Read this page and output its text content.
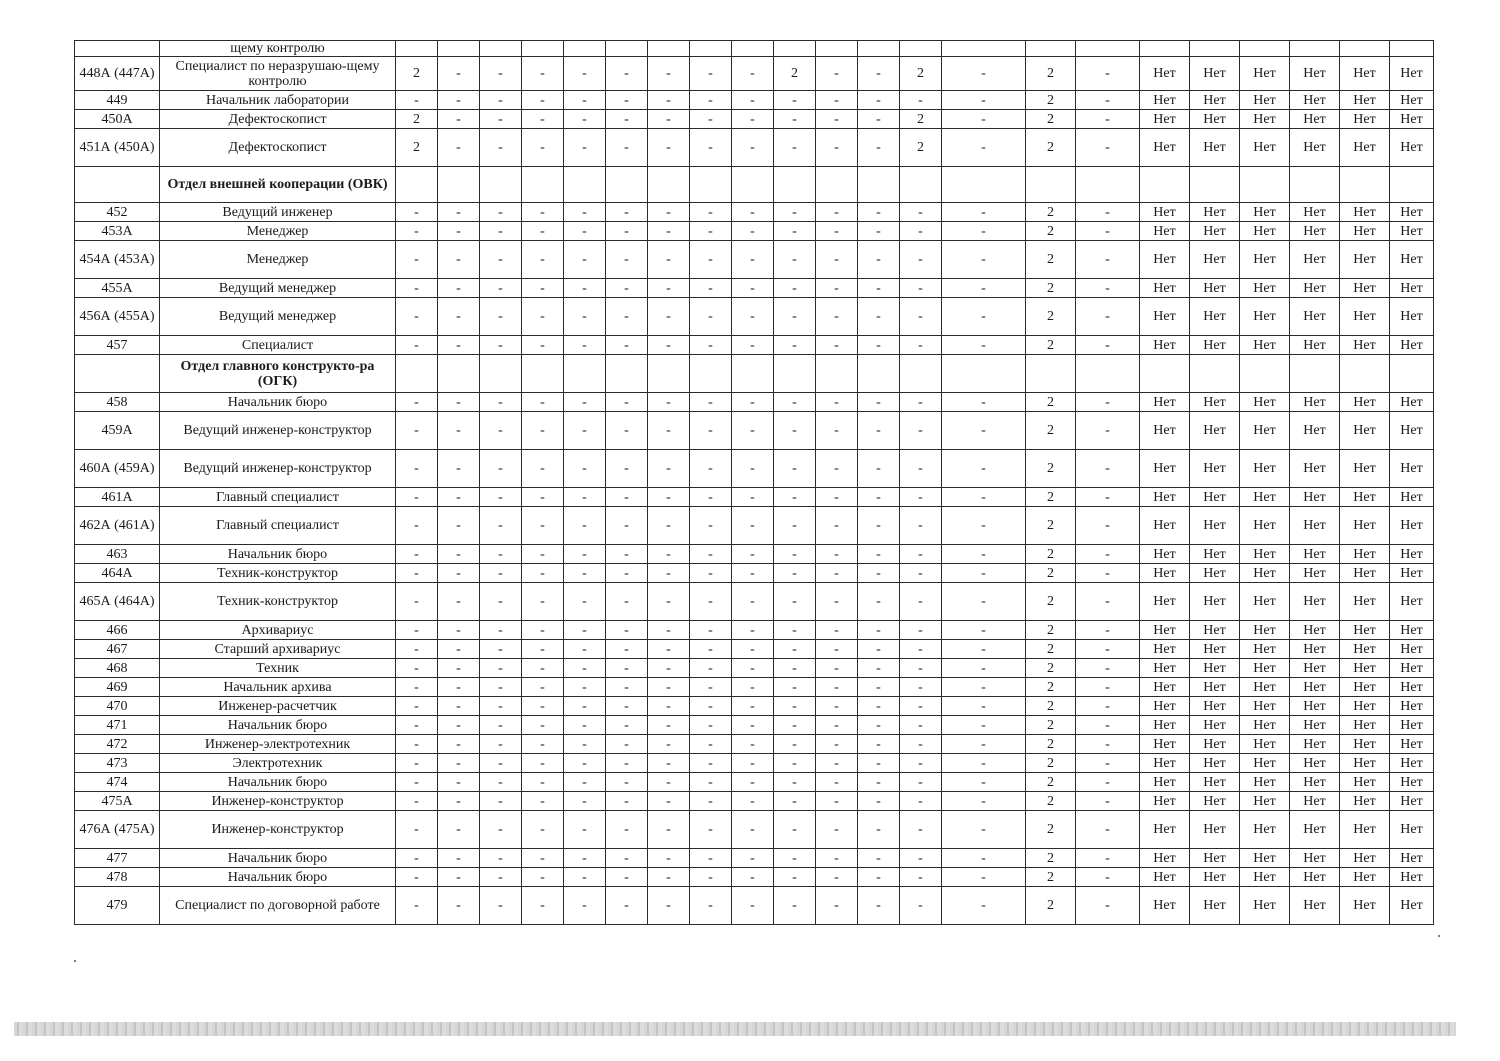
	щему контролю																						
448А (447А)	Специалист по неразрушаю-щему контролю	2	-	-	-	-	-	-	-	-	2	-	-	2	-	2	-	Нет	Нет	Нет	Нет	Нет	Нет
449	Начальник лаборатории	-	-	-	-	-	-	-	-	-	-	-	-	-	-	2	-	Нет	Нет	Нет	Нет	Нет	Нет
450А	Дефектоскопист	2	-	-	-	-	-	-	-	-	-	-	-	2	-	2	-	Нет	Нет	Нет	Нет	Нет	Нет
451А (450А)	Дефектоскопист	2	-	-	-	-	-	-	-	-	-	-	-	2	-	2	-	Нет	Нет	Нет	Нет	Нет	Нет
	Отдел внешней кооперации (ОВК)																						
452	Ведущий инженер	-	-	-	-	-	-	-	-	-	-	-	-	-	-	2	-	Нет	Нет	Нет	Нет	Нет	Нет
453А	Менеджер	-	-	-	-	-	-	-	-	-	-	-	-	-	-	2	-	Нет	Нет	Нет	Нет	Нет	Нет
454А (453А)	Менеджер	-	-	-	-	-	-	-	-	-	-	-	-	-	-	2	-	Нет	Нет	Нет	Нет	Нет	Нет
455А	Ведущий менеджер	-	-	-	-	-	-	-	-	-	-	-	-	-	-	2	-	Нет	Нет	Нет	Нет	Нет	Нет
456А (455А)	Ведущий менеджер	-	-	-	-	-	-	-	-	-	-	-	-	-	-	2	-	Нет	Нет	Нет	Нет	Нет	Нет
457	Специалист	-	-	-	-	-	-	-	-	-	-	-	-	-	-	2	-	Нет	Нет	Нет	Нет	Нет	Нет
	Отдел главного конструкто-ра (ОГК)																						
458	Начальник бюро	-	-	-	-	-	-	-	-	-	-	-	-	-	-	2	-	Нет	Нет	Нет	Нет	Нет	Нет
459А	Ведущий инженер-конструктор	-	-	-	-	-	-	-	-	-	-	-	-	-	-	2	-	Нет	Нет	Нет	Нет	Нет	Нет
460А (459А)	Ведущий инженер-конструктор	-	-	-	-	-	-	-	-	-	-	-	-	-	-	2	-	Нет	Нет	Нет	Нет	Нет	Нет
461А	Главный специалист	-	-	-	-	-	-	-	-	-	-	-	-	-	-	2	-	Нет	Нет	Нет	Нет	Нет	Нет
462А (461А)	Главный специалист	-	-	-	-	-	-	-	-	-	-	-	-	-	-	2	-	Нет	Нет	Нет	Нет	Нет	Нет
463	Начальник бюро	-	-	-	-	-	-	-	-	-	-	-	-	-	-	2	-	Нет	Нет	Нет	Нет	Нет	Нет
464А	Техник-конструктор	-	-	-	-	-	-	-	-	-	-	-	-	-	-	2	-	Нет	Нет	Нет	Нет	Нет	Нет
465А (464А)	Техник-конструктор	-	-	-	-	-	-	-	-	-	-	-	-	-	-	2	-	Нет	Нет	Нет	Нет	Нет	Нет
466	Архивариус	-	-	-	-	-	-	-	-	-	-	-	-	-	-	2	-	Нет	Нет	Нет	Нет	Нет	Нет
467	Старший архивариус	-	-	-	-	-	-	-	-	-	-	-	-	-	-	2	-	Нет	Нет	Нет	Нет	Нет	Нет
468	Техник	-	-	-	-	-	-	-	-	-	-	-	-	-	-	2	-	Нет	Нет	Нет	Нет	Нет	Нет
469	Начальник архива	-	-	-	-	-	-	-	-	-	-	-	-	-	-	2	-	Нет	Нет	Нет	Нет	Нет	Нет
470	Инженер-расчетчик	-	-	-	-	-	-	-	-	-	-	-	-	-	-	2	-	Нет	Нет	Нет	Нет	Нет	Нет
471	Начальник бюро	-	-	-	-	-	-	-	-	-	-	-	-	-	-	2	-	Нет	Нет	Нет	Нет	Нет	Нет
472	Инженер-электротехник	-	-	-	-	-	-	-	-	-	-	-	-	-	-	2	-	Нет	Нет	Нет	Нет	Нет	Нет
473	Электротехник	-	-	-	-	-	-	-	-	-	-	-	-	-	-	2	-	Нет	Нет	Нет	Нет	Нет	Нет
474	Начальник бюро	-	-	-	-	-	-	-	-	-	-	-	-	-	-	2	-	Нет	Нет	Нет	Нет	Нет	Нет
475А	Инженер-конструктор	-	-	-	-	-	-	-	-	-	-	-	-	-	-	2	-	Нет	Нет	Нет	Нет	Нет	Нет
476А (475А)	Инженер-конструктор	-	-	-	-	-	-	-	-	-	-	-	-	-	-	2	-	Нет	Нет	Нет	Нет	Нет	Нет
477	Начальник бюро	-	-	-	-	-	-	-	-	-	-	-	-	-	-	2	-	Нет	Нет	Нет	Нет	Нет	Нет
478	Начальник бюро	-	-	-	-	-	-	-	-	-	-	-	-	-	-	2	-	Нет	Нет	Нет	Нет	Нет	Нет
479	Специалист по договорной работе	-	-	-	-	-	-	-	-	-	-	-	-	-	-	2	-	Нет	Нет	Нет	Нет	Нет	Нет
